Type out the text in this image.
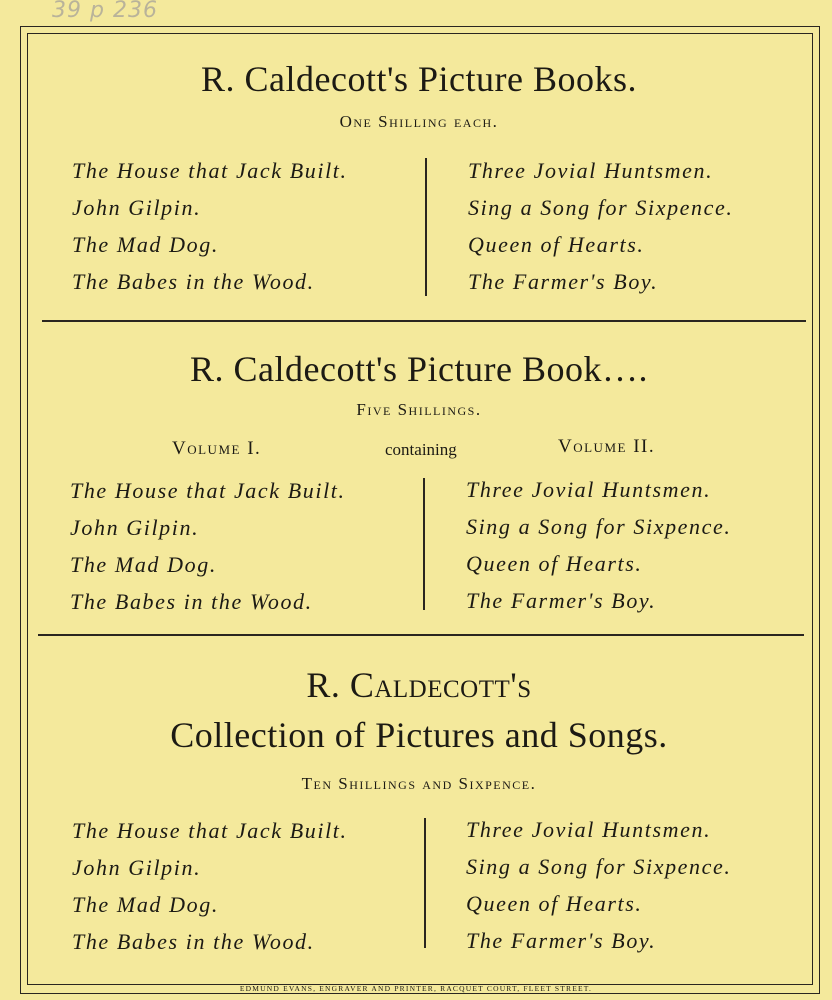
39 p 236
R. Caldecott's Picture Books.
One Shilling each.
The House that Jack Built.
John Gilpin.
The Mad Dog.
The Babes in the Wood.
Three Jovial Huntsmen.
Sing a Song for Sixpence.
Queen of Hearts.
The Farmer's Boy.
R. Caldecott's Picture Book….
Five Shillings.
Volume I.	containing	Volume II.
The House that Jack Built.
John Gilpin.
The Mad Dog.
The Babes in the Wood.
Three Jovial Huntsmen.
Sing a Song for Sixpence.
Queen of Hearts.
The Farmer's Boy.
R. Caldecott's
Collection of Pictures and Songs.
Ten Shillings and Sixpence.
The House that Jack Built.
John Gilpin.
The Mad Dog.
The Babes in the Wood.
Three Jovial Huntsmen.
Sing a Song for Sixpence.
Queen of Hearts.
The Farmer's Boy.
EDMUND EVANS, ENGRAVER AND PRINTER, RACQUET COURT, FLEET STREET.
